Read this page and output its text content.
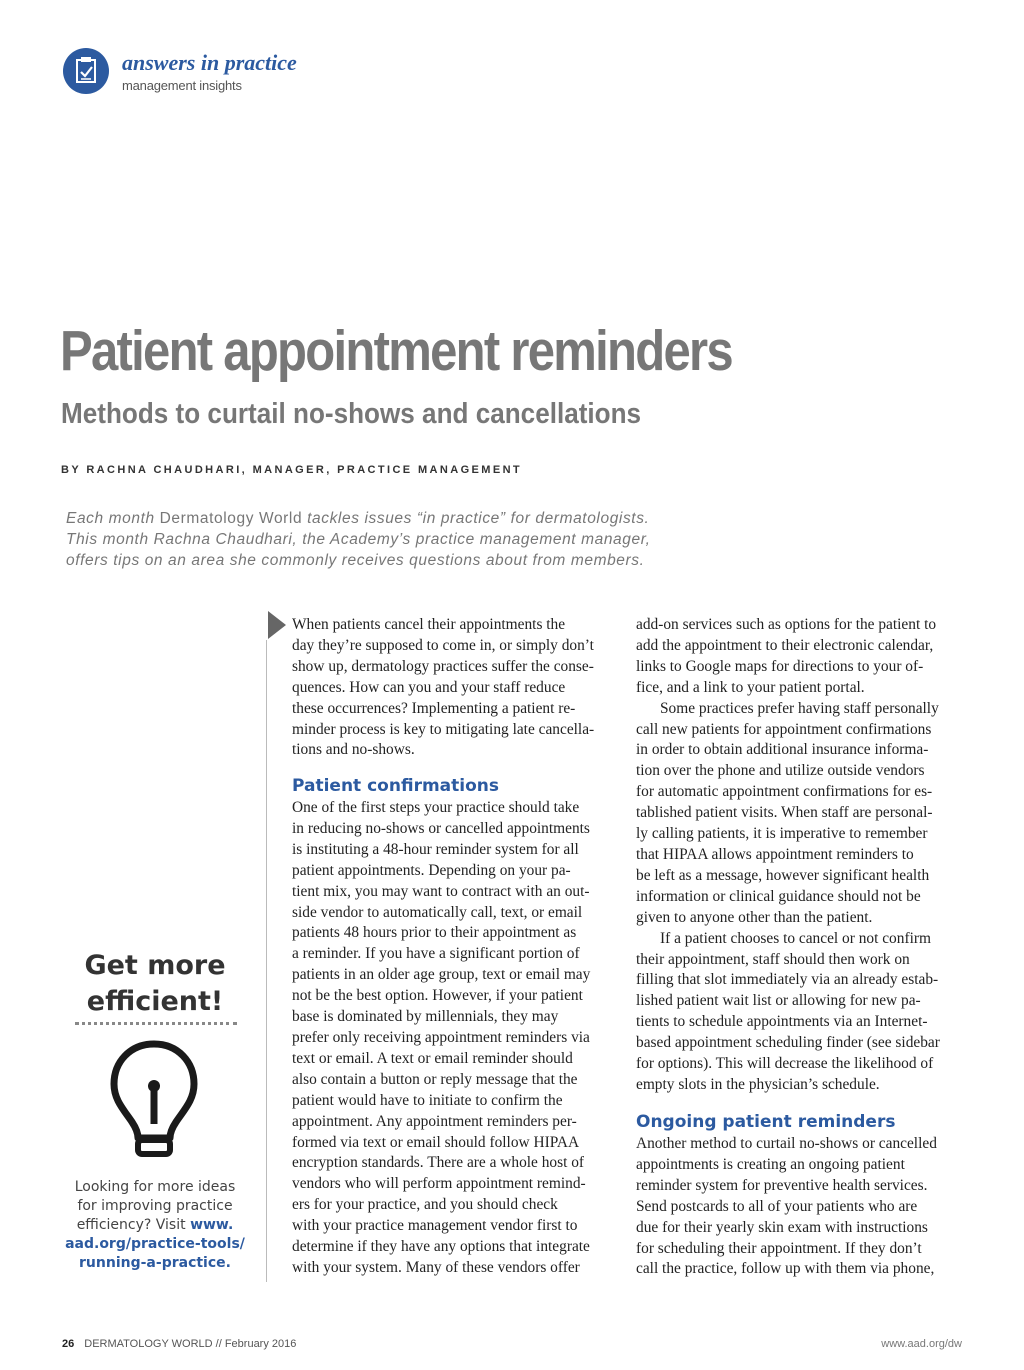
answers in practice

management insights

Patient appointment reminders
Methods to curtail no-shows and cancellations

BY RACHNA CHAUDHARI, MANAGER, PRACTICE MANAGEMENT

Each month Dermatology World tackles issues “in practice” for dermatologists.
This month Rachna Chaudhari, the Academy’s practice management manager,
offers tips on an area she commonly receives questions about from members.

Get more
efficient!

Looking for more ideas
for improving practice
efficiency? Visit www.
aad.org/practice-tools/
running-a-practice.

When patients cancel their appointments the
day they’re supposed to come in, or simply don’t
show up, dermatology practices suffer the conse-
quences. How can you and your staff reduce
these occurrences? Implementing a patient re-
minder process is key to mitigating late cancella-
tions and no-shows.
Patient confirmations
One of the first steps your practice should take
in reducing no-shows or cancelled appointments
is instituting a 48-hour reminder system for all
patient appointments. Depending on your pa-
tient mix, you may want to contract with an out-
side vendor to automatically call, text, or email
patients 48 hours prior to their appointment as
a reminder. If you have a significant portion of
patients in an older age group, text or email may
not be the best option. However, if your patient
base is dominated by millennials, they may
prefer only receiving appointment reminders via
text or email. A text or email reminder should
also contain a button or reply message that the
patient would have to initiate to confirm the
appointment. Any appointment reminders per-
formed via text or email should follow HIPAA
encryption standards. There are a whole host of
vendors who will perform appointment remind-
ers for your practice, and you should check
with your practice management vendor first to
determine if they have any options that integrate
with your system. Many of these vendors offer
add-on services such as options for the patient to
add the appointment to their electronic calendar,
links to Google maps for directions to your of-
fice, and a link to your patient portal.
Some practices prefer having staff personally
call new patients for appointment confirmations
in order to obtain additional insurance informa-
tion over the phone and utilize outside vendors
for automatic appointment confirmations for es-
tablished patient visits. When staff are personal-
ly calling patients, it is imperative to remember
that HIPAA allows appointment reminders to
be left as a message, however significant health
information or clinical guidance should not be
given to anyone other than the patient.
If a patient chooses to cancel or not confirm
their appointment, staff should then work on
filling that slot immediately via an already estab-
lished patient wait list or allowing for new pa-
tients to schedule appointments via an Internet-
based appointment scheduling finder (see sidebar
for options). This will decrease the likelihood of
empty slots in the physician’s schedule.
Ongoing patient reminders
Another method to curtail no-shows or cancelled
appointments is creating an ongoing patient
reminder system for preventive health services.
Send postcards to all of your patients who are
due for their yearly skin exam with instructions
for scheduling their appointment. If they don’t
call the practice, follow up with them via phone,
26 DERMATOLOGY WORLD // February 2016	www.aad.org/dw
